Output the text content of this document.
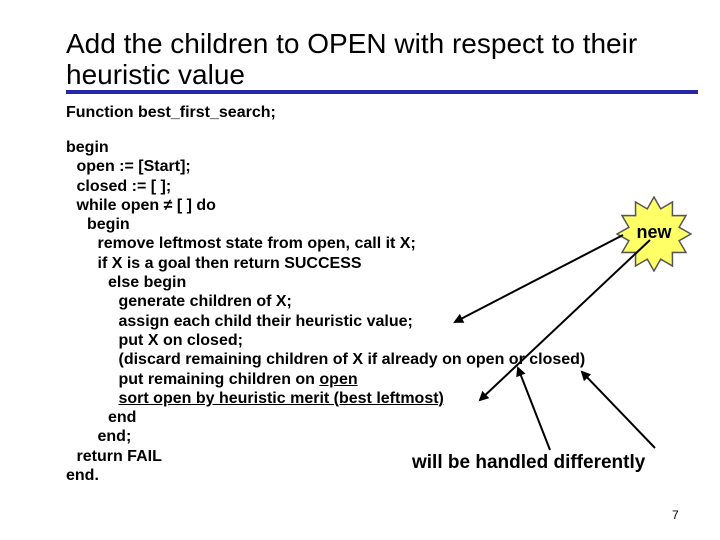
Add the children to OPEN with respect to their heuristic value
Function best_first_search;
begin
open := [Start];
closed := [ ];
while open ≠ [ ] do
begin
remove leftmost state from open, call it X;
if X is a goal then return SUCCESS
else begin
generate children of X;
assign each child their heuristic value;
put X on closed;
(discard remaining children of X if already on open or closed)
put remaining children on open
sort open by heuristic merit (best leftmost)
end
end;
return FAIL
end.
new
will be handled differently
7
